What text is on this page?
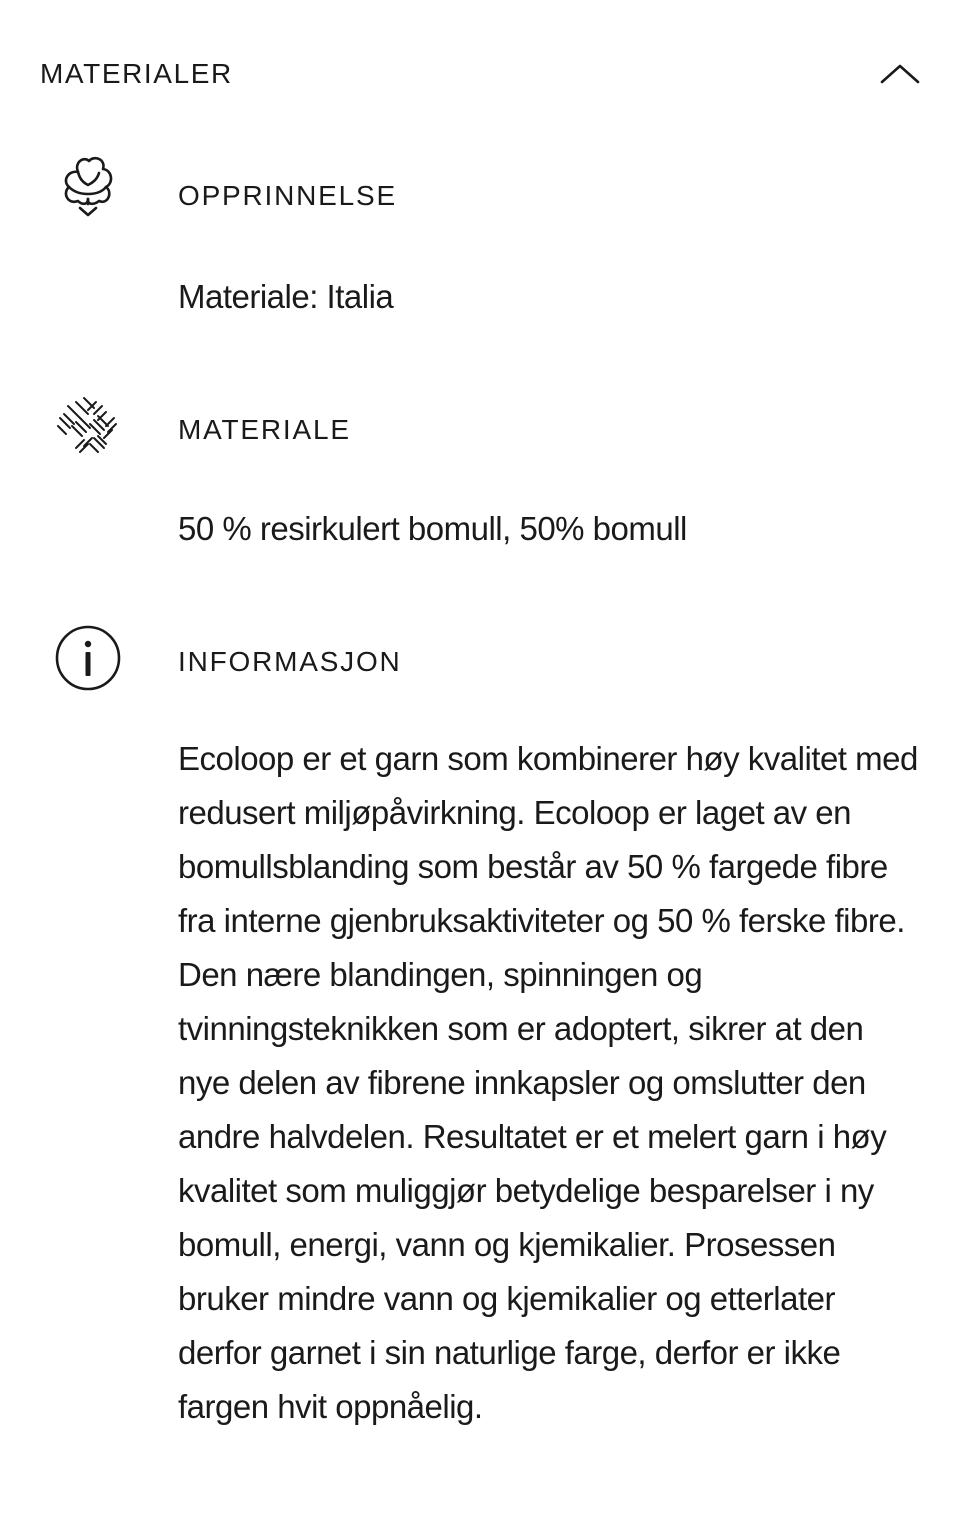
MATERIALER
OPPRINNELSE
Materiale: Italia
MATERIALE
50 % resirkulert bomull, 50% bomull
INFORMASJON
Ecoloop er et garn som kombinerer høy kvalitet med redusert miljøpåvirkning. Ecoloop er laget av en bomullsblanding som består av 50 % fargede fibre fra interne gjenbruksaktiviteter og 50 % ferske fibre. Den nære blandingen, spinningen og tvinningsteknikken som er adoptert, sikrer at den nye delen av fibrene innkapsler og omslutter den andre halvdelen. Resultatet er et melert garn i høy kvalitet som muliggjør betydelige besparelser i ny bomull, energi, vann og kjemikalier. Prosessen bruker mindre vann og kjemikalier og etterlater derfor garnet i sin naturlige farge, derfor er ikke fargen hvit oppnåelig.
